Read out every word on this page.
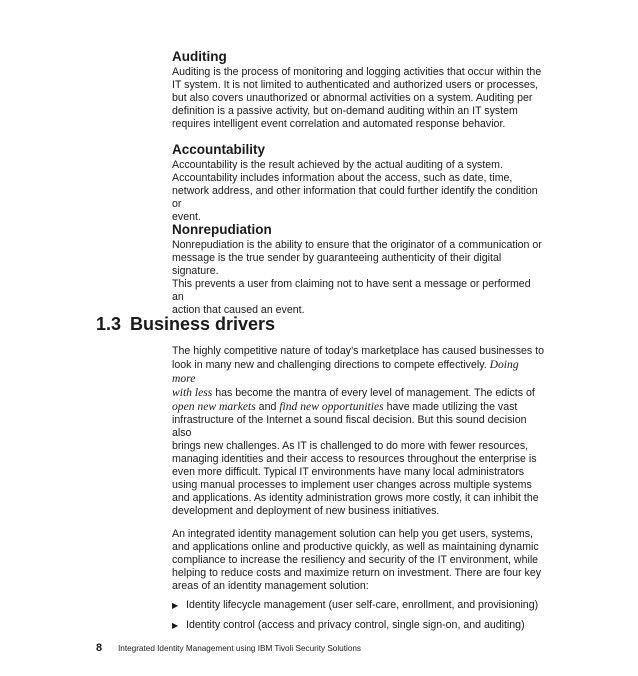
Auditing

Auditing is the process of monitoring and logging activities that occur within the
IT system. It is not limited to authenticated and authorized users or processes,
but also covers unauthorized or abnormal activities on a system. Auditing per
definition is a passive activity, but on-demand auditing within an IT system
requires intelligent event correlation and automated response behavior.

Accountability

Accountability is the result achieved by the actual auditing of a system.
Accountability includes information about the access, such as date, time,
network address, and other information that could further identify the condition or
event.

Nonrepudiation

Nonrepudiation is the ability to ensure that the originator of a communication or
message is the true sender by guaranteeing authenticity of their digital signature.
This prevents a user from claiming not to have sent a message or performed an
action that caused an event.

1.3 Business drivers

The highly competitive nature of today’s marketplace has caused businesses to
look in many new and challenging directions to compete effectively. Doing more
with less has become the mantra of every level of management. The edicts of
open new markets and find new opportunities have made utilizing the vast
infrastructure of the Internet a sound fiscal decision. But this sound decision also
brings new challenges. As IT is challenged to do more with fewer resources,
managing identities and their access to resources throughout the enterprise is
even more difficult. Typical IT environments have many local administrators
using manual processes to implement user changes across multiple systems
and applications. As identity administration grows more costly, it can inhibit the
development and deployment of new business initiatives.

An integrated identity management solution can help you get users, systems,
and applications online and productive quickly, as well as maintaining dynamic
compliance to increase the resiliency and security of the IT environment, while
helping to reduce costs and maximize return on investment. There are four key
areas of an identity management solution:

▶ Identity lifecycle management (user self-care, enrollment, and provisioning)
▶ Identity control (access and privacy control, single sign-on, and auditing)
8 Integrated Identity Management using IBM Tivoli Security Solutions
